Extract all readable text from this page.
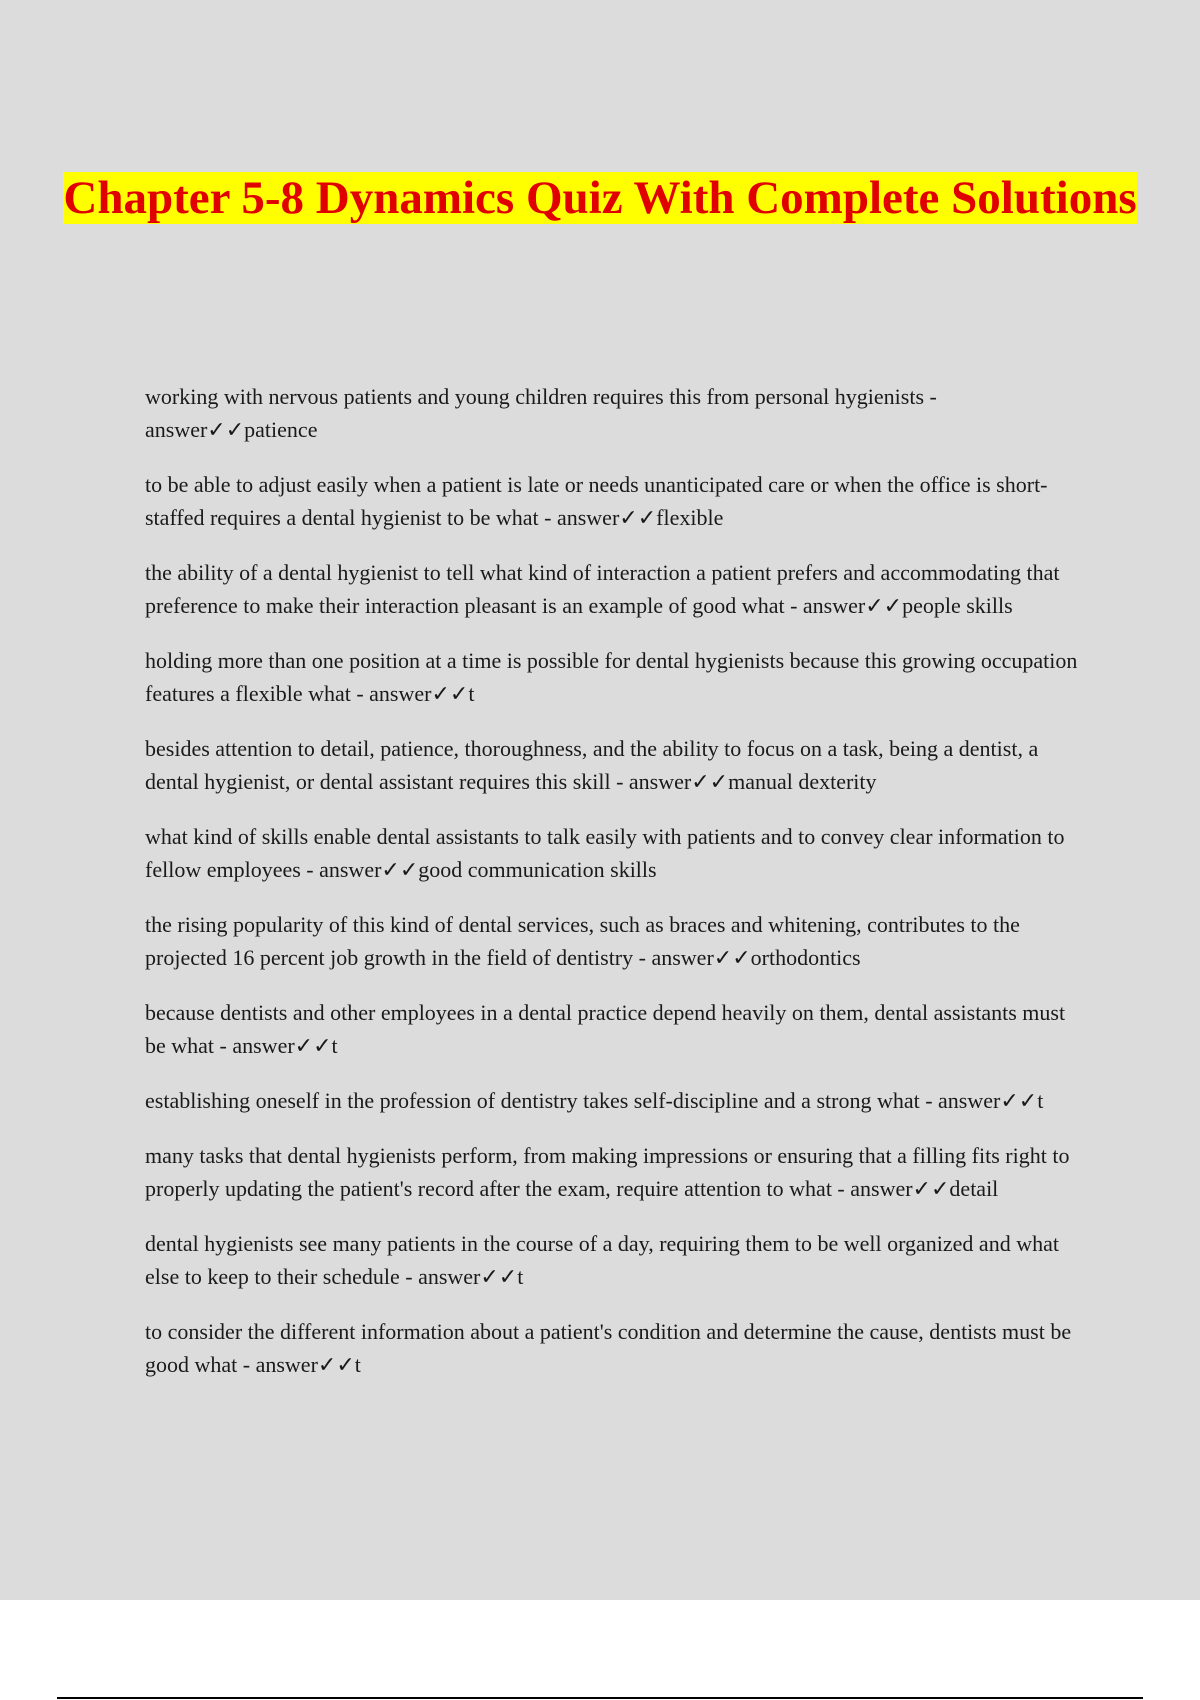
Chapter 5-8 Dynamics Quiz With Complete Solutions

working with nervous patients and young children requires this from personal hygienists - answer✓✓patience

to be able to adjust easily when a patient is late or needs unanticipated care or when the office is short-staffed requires a dental hygienist to be what - answer✓✓flexible

the ability of a dental hygienist to tell what kind of interaction a patient prefers and accommodating that preference to make their interaction pleasant is an example of good what - answer✓✓people skills

holding more than one position at a time is possible for dental hygienists because this growing occupation features a flexible what - answer✓✓t

besides attention to detail, patience, thoroughness, and the ability to focus on a task, being a dentist, a dental hygienist, or dental assistant requires this skill - answer✓✓manual dexterity

what kind of skills enable dental assistants to talk easily with patients and to convey clear information to fellow employees - answer✓✓good communication skills

the rising popularity of this kind of dental services, such as braces and whitening, contributes to the projected 16 percent job growth in the field of dentistry - answer✓✓orthodontics

because dentists and other employees in a dental practice depend heavily on them, dental assistants must be what - answer✓✓t

establishing oneself in the profession of dentistry takes self-discipline and a strong what - answer✓✓t

many tasks that dental hygienists perform, from making impressions or ensuring that a filling fits right to properly updating the patient's record after the exam, require attention to what - answer✓✓detail

dental hygienists see many patients in the course of a day, requiring them to be well organized and what else to keep to their schedule - answer✓✓t

to consider the different information about a patient's condition and determine the cause, dentists must be good what - answer✓✓t
